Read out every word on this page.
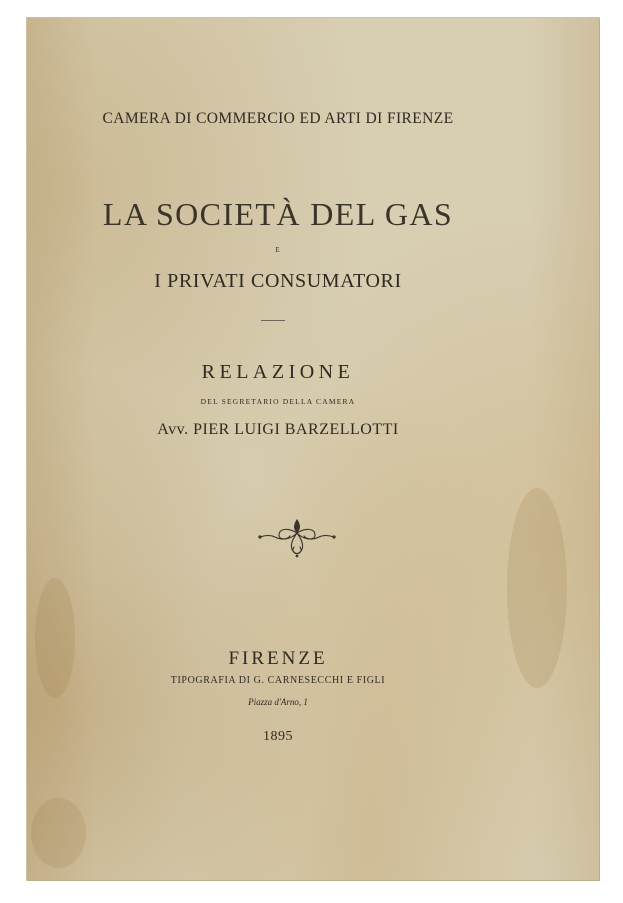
CAMERA DI COMMERCIO ED ARTI DI FIRENZE
LA SOCIETÀ DEL GAS
E
I PRIVATI CONSUMATORI
RELAZIONE
DEL SEGRETARIO DELLA CAMERA
Avv. PIER LUIGI BARZELLOTTI
FIRENZE
TIPOGRAFIA DI G. CARNESECCHI E FIGLI
Piazza d'Arno, 1
1895
